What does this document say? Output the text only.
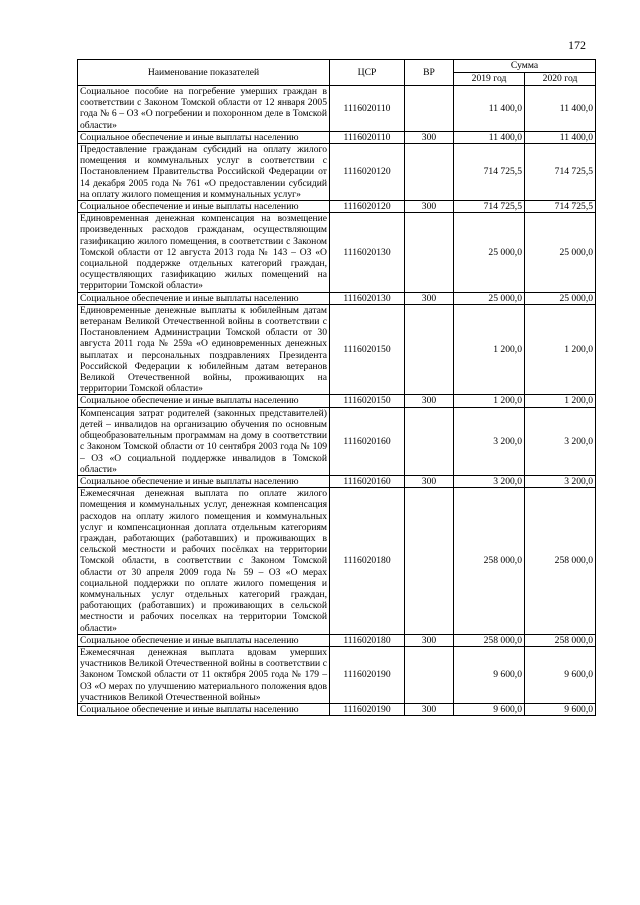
172
Наименование показателей	ЦСР	ВР	Сумма	
			2019 год	2020 год
Социальное пособие на погребение умерших граждан в соответствии с Законом Томской области от 12 января 2005 года № 6 – ОЗ «О погребении и похоронном деле в Томской области»	1116020110		11 400,0	11 400,0
Социальное обеспечение и иные выплаты населению	1116020110	300	11 400,0	11 400,0
Предоставление гражданам субсидий на оплату жилого помещения и коммунальных услуг в соответствии с Постановлением Правительства Российской Федерации от 14 декабря 2005 года № 761 «О предоставлении субсидий на оплату жилого помещения и коммунальных услуг»	1116020120		714 725,5	714 725,5
Социальное обеспечение и иные выплаты населению	1116020120	300	714 725,5	714 725,5
Единовременная денежная компенсация на возмещение произведенных расходов гражданам, осуществляющим газификацию жилого помещения, в соответствии с Законом Томской области от 12 августа 2013 года № 143 – ОЗ «О социальной поддержке отдельных категорий граждан, осуществляющих газификацию жилых помещений на территории Томской области»	1116020130		25 000,0	25 000,0
Социальное обеспечение и иные выплаты населению	1116020130	300	25 000,0	25 000,0
Единовременные денежные выплаты к юбилейным датам ветеранам Великой Отечественной войны в соответствии с Постановлением Администрации Томской области от 30 августа 2011 года № 259а «О единовременных денежных выплатах и персональных поздравлениях Президента Российской Федерации к юбилейным датам ветеранов Великой Отечественной войны, проживающих на территории Томской области»	1116020150		1 200,0	1 200,0
Социальное обеспечение и иные выплаты населению	1116020150	300	1 200,0	1 200,0
Компенсация затрат родителей (законных представителей) детей – инвалидов на организацию обучения по основным общеобразовательным программам на дому в соответствии с Законом Томской области от 10 сентября 2003 года № 109 – ОЗ «О социальной поддержке инвалидов в Томской области»	1116020160		3 200,0	3 200,0
Социальное обеспечение и иные выплаты населению	1116020160	300	3 200,0	3 200,0
Ежемесячная денежная выплата по оплате жилого помещения и коммунальных услуг, денежная компенсация расходов на оплату жилого помещения и коммунальных услуг и компенсационная доплата отдельным категориям граждан, работающих (работавших) и проживающих в сельской местности и рабочих посёлках на территории Томской области, в соответствии с Законом Томской области от 30 апреля 2009 года № 59 – ОЗ «О мерах социальной поддержки по оплате жилого помещения и коммунальных услуг отдельных категорий граждан, работающих (работавших) и проживающих в сельской местности и рабочих поселках на территории Томской области»	1116020180		258 000,0	258 000,0
Социальное обеспечение и иные выплаты населению	1116020180	300	258 000,0	258 000,0
Ежемесячная денежная выплата вдовам умерших участников Великой Отечественной войны в соответствии с Законом Томской области от 11 октября 2005 года № 179 – ОЗ «О мерах по улучшению материального положения вдов участников Великой Отечественной войны»	1116020190		9 600,0	9 600,0
Социальное обеспечение и иные выплаты населению	1116020190	300	9 600,0	9 600,0
